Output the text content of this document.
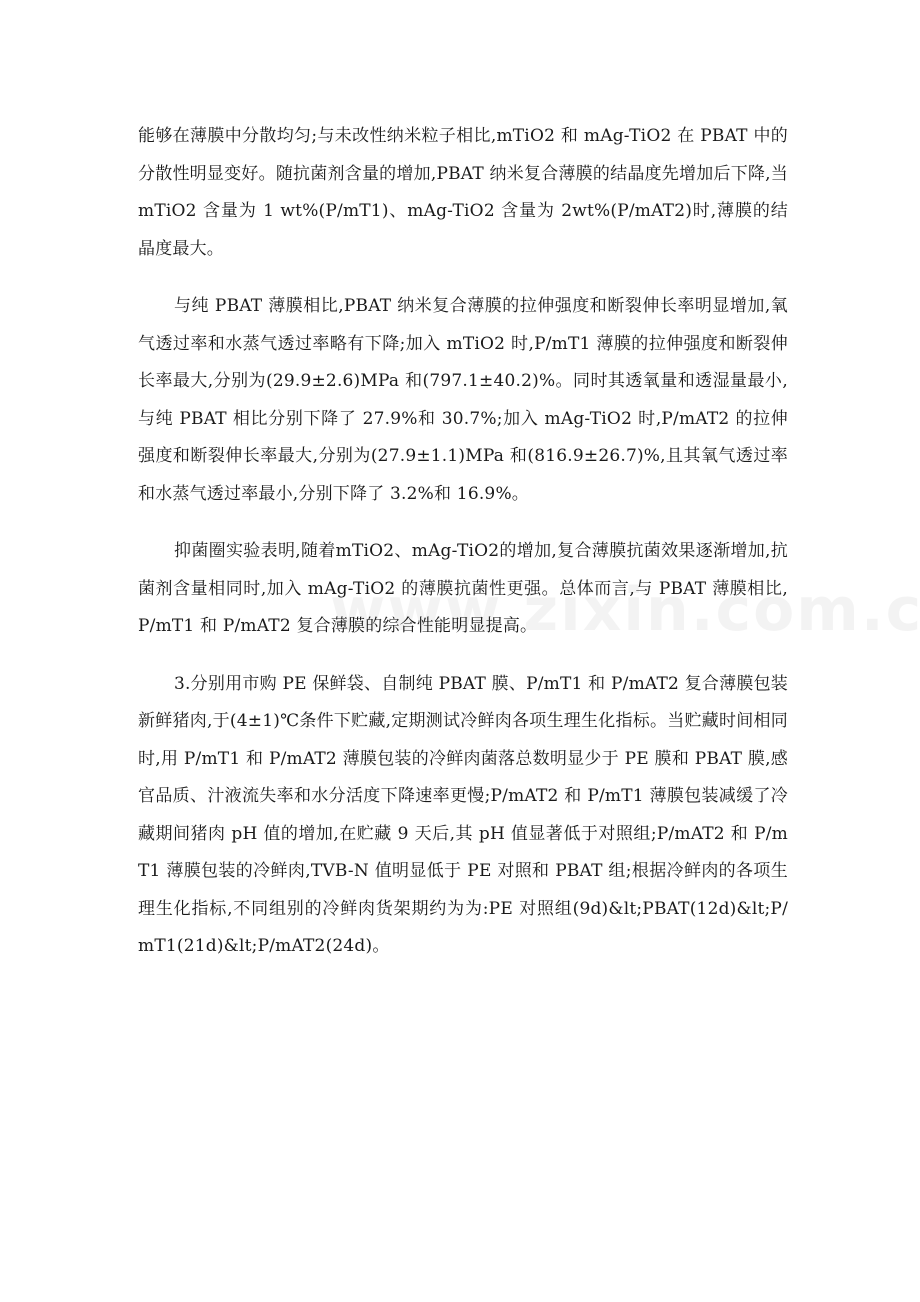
能够在薄膜中分散均匀;与未改性纳米粒子相比,mTiO2 和 mAg-TiO2 在 PBAT 中的分散性明显变好。随抗菌剂含量的增加,PBAT 纳米复合薄膜的结晶度先增加后下降,当 mTiO2 含量为 1 wt%(P/mT1)、mAg-TiO2 含量为 2wt%(P/mAT2)时,薄膜的结晶度最大。

与纯 PBAT 薄膜相比,PBAT 纳米复合薄膜的拉伸强度和断裂伸长率明显增加,氧气透过率和水蒸气透过率略有下降;加入 mTiO2 时,P/mT1 薄膜的拉伸强度和断裂伸长率最大,分别为(29.9±2.6)MPa 和(797.1±40.2)%。同时其透氧量和透湿量最小,与纯 PBAT 相比分别下降了 27.9%和 30.7%;加入 mAg-TiO2 时,P/mAT2 的拉伸强度和断裂伸长率最大,分别为(27.9±1.1)MPa 和(816.9±26.7)%,且其氧气透过率和水蒸气透过率最小,分别下降了 3.2%和 16.9%。

抑菌圈实验表明,随着mTiO2、mAg-TiO2的增加,复合薄膜抗菌效果逐渐增加,抗菌剂含量相同时,加入 mAg-TiO2 的薄膜抗菌性更强。总体而言,与 PBAT 薄膜相比,P/mT1 和 P/mAT2 复合薄膜的综合性能明显提高。

3.分别用市购 PE 保鲜袋、自制纯 PBAT 膜、P/mT1 和 P/mAT2 复合薄膜包装新鲜猪肉,于(4±1)℃条件下贮藏,定期测试冷鲜肉各项生理生化指标。当贮藏时间相同时,用 P/mT1 和 P/mAT2 薄膜包装的冷鲜肉菌落总数明显少于 PE 膜和 PBAT 膜,感官品质、汁液流失率和水分活度下降速率更慢;P/mAT2 和 P/mT1 薄膜包装减缓了冷藏期间猪肉 pH 值的增加,在贮藏 9 天后,其 pH 值显著低于对照组;P/mAT2 和 P/mT1 薄膜包装的冷鲜肉,TVB-N 值明显低于 PE 对照和 PBAT 组;根据冷鲜肉的各项生理生化指标,不同组别的冷鲜肉货架期约为为:PE 对照组(9d)&lt;PBAT(12d)&lt;P/mT1(21d)&lt;P/mAT2(24d)。
